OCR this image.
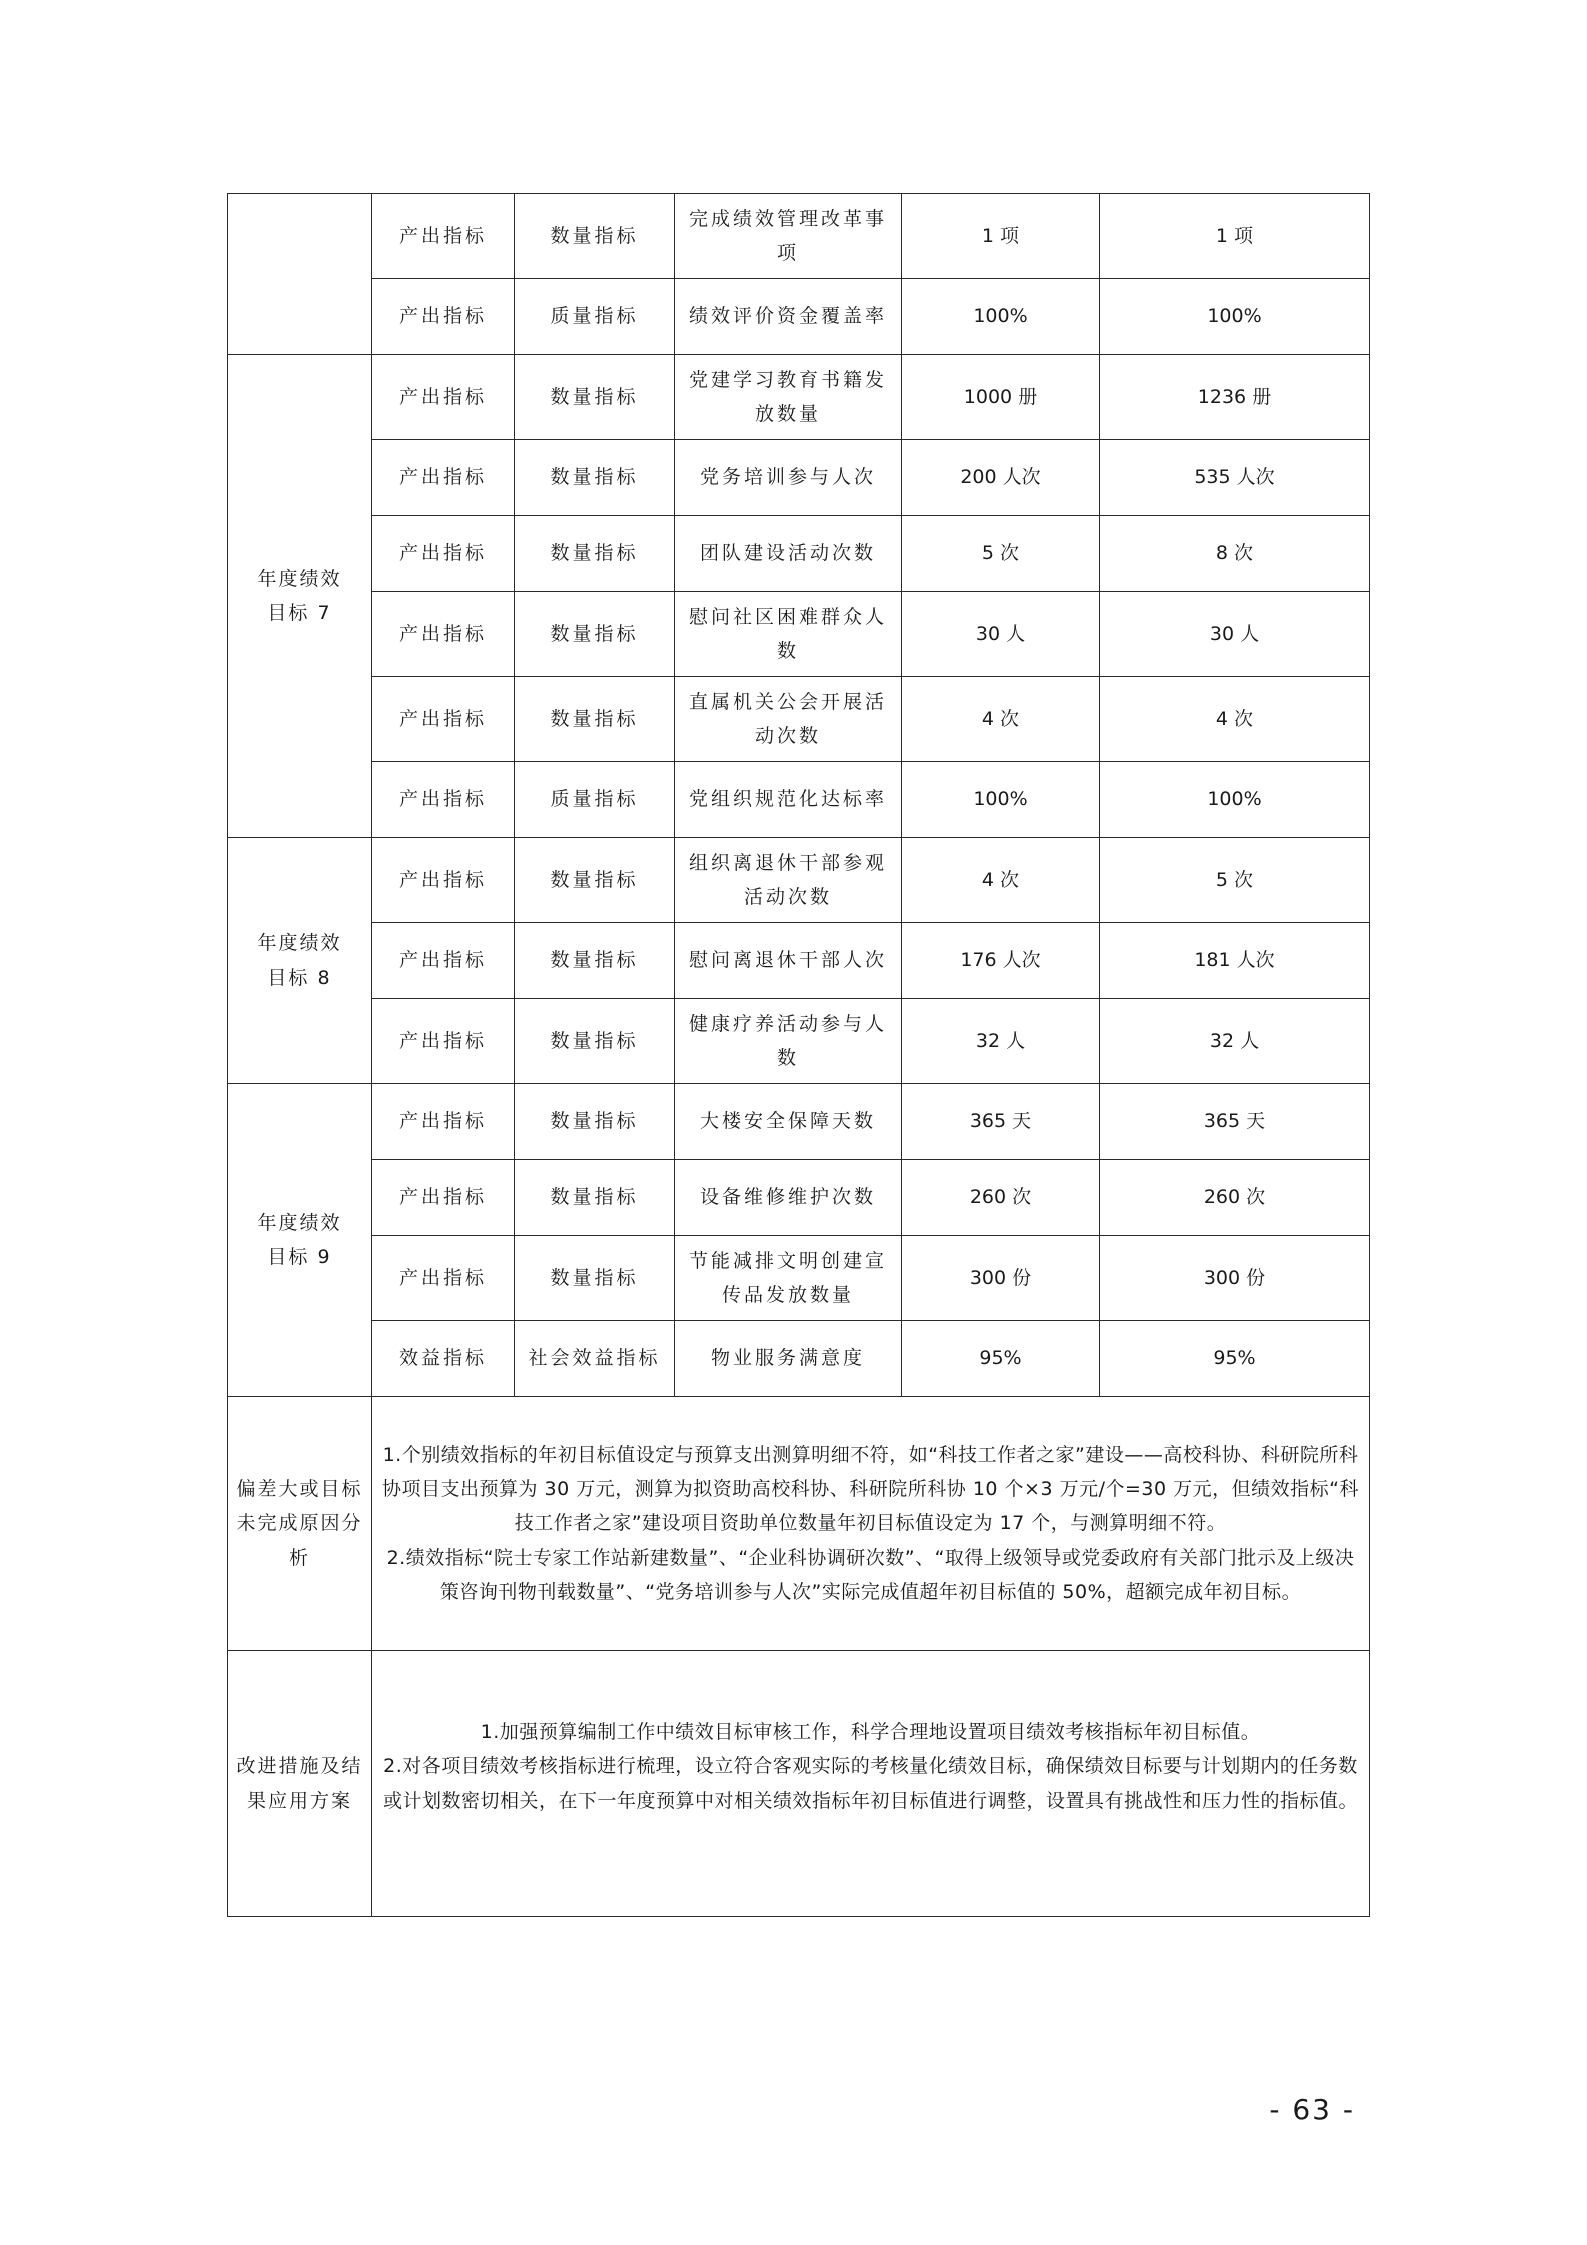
	产出指标	数量指标	完成绩效管理改革事项	1 项	1 项
	产出指标	质量指标	绩效评价资金覆盖率	100%	100%

年度绩效目标 7	产出指标	数量指标	党建学习教育书籍发放数量	1000 册	1236 册
	产出指标	数量指标	党务培训参与人次	200 人次	535 人次
	产出指标	数量指标	团队建设活动次数	5 次	8 次
	产出指标	数量指标	慰问社区困难群众人数	30 人	30 人
	产出指标	数量指标	直属机关公会开展活动次数	4 次	4 次
	产出指标	质量指标	党组织规范化达标率	100%	100%

年度绩效目标 8	产出指标	数量指标	组织离退休干部参观活动次数	4 次	5 次
	产出指标	数量指标	慰问离退休干部人次	176 人次	181 人次
	产出指标	数量指标	健康疗养活动参与人数	32 人	32 人

年度绩效目标 9	产出指标	数量指标	大楼安全保障天数	365 天	365 天
	产出指标	数量指标	设备维修维护次数	260 次	260 次
	产出指标	数量指标	节能减排文明创建宣传品发放数量	300 份	300 份
	效益指标	社会效益指标	物业服务满意度	95%	95%
偏差大或目标未完成原因分析	1.个别绩效指标的年初目标值设定与预算支出测算明细不符，如“科技工作者之家”建设——高校科协、科研院所科协项目支出预算为 30 万元，测算为拟资助高校科协、科研院所科协 10 个×3 万元/个=30 万元，但绩效指标“科技工作者之家”建设项目资助单位数量年初目标值设定为 17 个，与测算明细不符。

2.绩效指标“院士专家工作站新建数量”、“企业科协调研次数”、“取得上级领导或党委政府有关部门批示及上级决策咨询刊物刊载数量”、“党务培训参与人次”实际完成值超年初目标值的 50%，超额完成年初目标。				

改进措施及结果应用方案	1.加强预算编制工作中绩效目标审核工作，科学合理地设置项目绩效考核指标年初目标值。

2.对各项目绩效考核指标进行梳理，设立符合客观实际的考核量化绩效目标，确保绩效目标要与计划期内的任务数或计划数密切相关，在下一年度预算中对相关绩效指标年初目标值进行调整，设置具有挑战性和压力性的指标值。				

- 63 -
